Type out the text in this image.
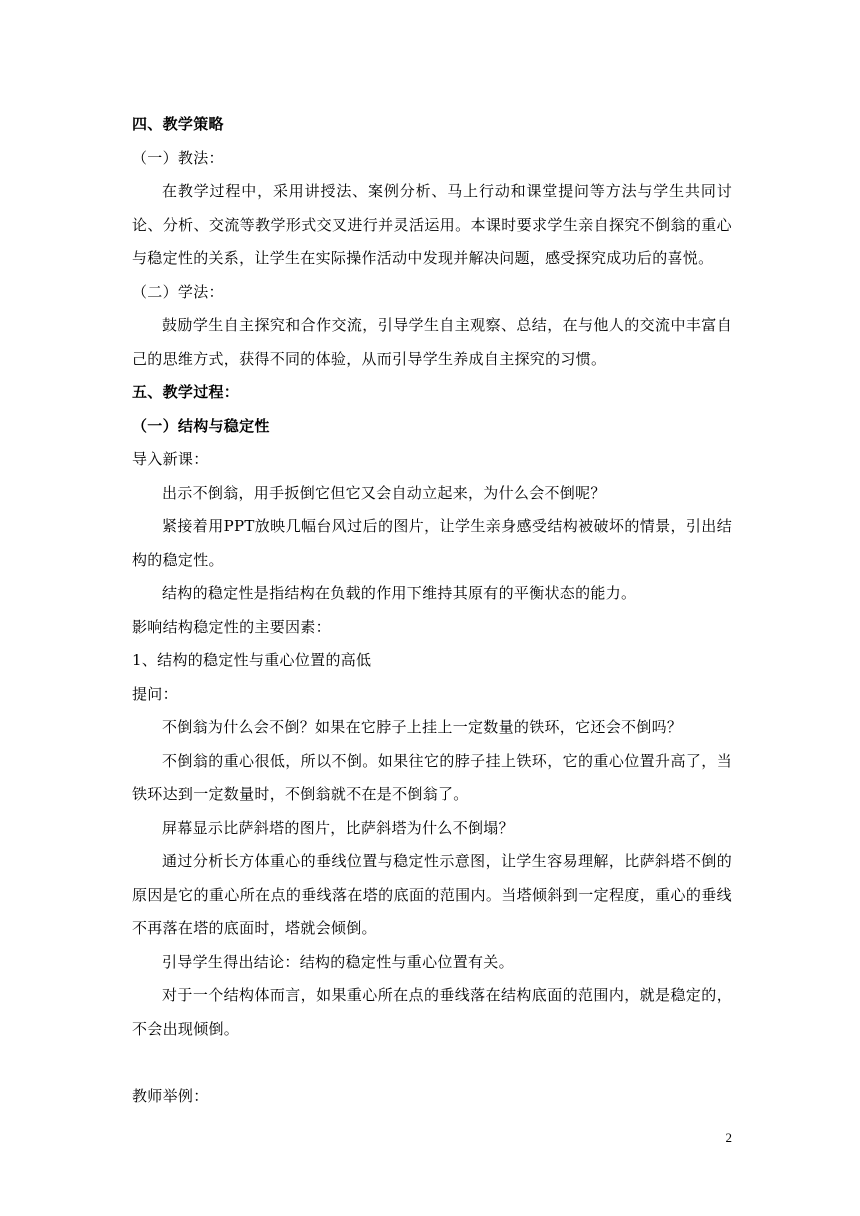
四、教学策略
（一）教法：
在教学过程中，采用讲授法、案例分析、马上行动和课堂提问等方法与学生共同讨论、分析、交流等教学形式交叉进行并灵活运用。本课时要求学生亲自探究不倒翁的重心与稳定性的关系，让学生在实际操作活动中发现并解决问题，感受探究成功后的喜悦。
（二）学法：
鼓励学生自主探究和合作交流，引导学生自主观察、总结，在与他人的交流中丰富自己的思维方式，获得不同的体验，从而引导学生养成自主探究的习惯。
五、教学过程：
（一）结构与稳定性
导入新课：
出示不倒翁，用手扳倒它但它又会自动立起来，为什么会不倒呢？
紧接着用PPT放映几幅台风过后的图片，让学生亲身感受结构被破坏的情景，引出结构的稳定性。
结构的稳定性是指结构在负载的作用下维持其原有的平衡状态的能力。
影响结构稳定性的主要因素：
1、结构的稳定性与重心位置的高低
提问：
不倒翁为什么会不倒？如果在它脖子上挂上一定数量的铁环，它还会不倒吗？
不倒翁的重心很低，所以不倒。如果往它的脖子挂上铁环，它的重心位置升高了，当铁环达到一定数量时，不倒翁就不在是不倒翁了。
屏幕显示比萨斜塔的图片，比萨斜塔为什么不倒塌？
通过分析长方体重心的垂线位置与稳定性示意图，让学生容易理解，比萨斜塔不倒的原因是它的重心所在点的垂线落在塔的底面的范围内。当塔倾斜到一定程度，重心的垂线不再落在塔的底面时，塔就会倾倒。
引导学生得出结论：结构的稳定性与重心位置有关。
对于一个结构体而言，如果重心所在点的垂线落在结构底面的范围内，就是稳定的，不会出现倾倒。
教师举例：
2
